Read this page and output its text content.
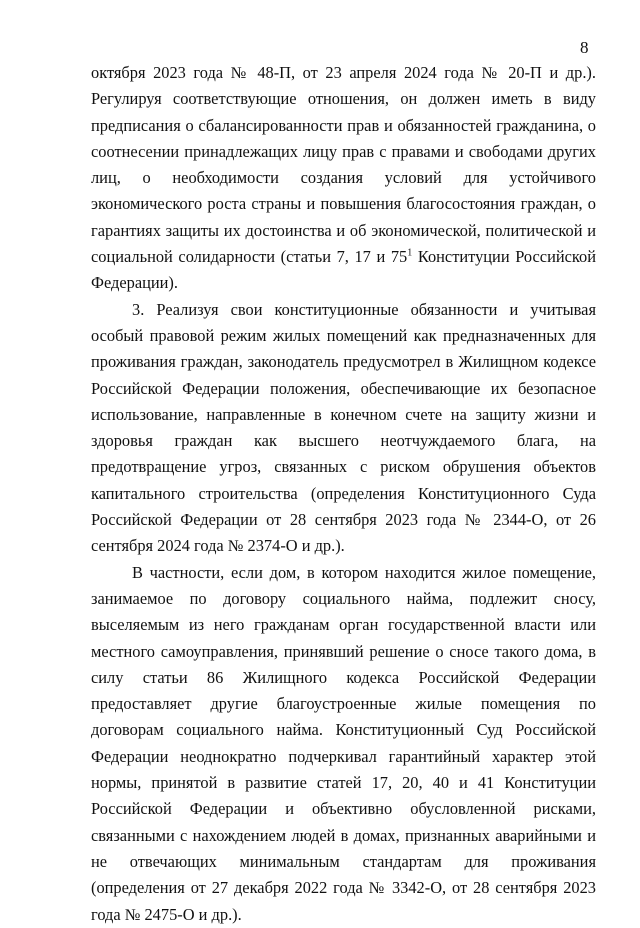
8

октября 2023 года № 48-П, от 23 апреля 2024 года № 20-П и др.). Регулируя соответствующие отношения, он должен иметь в виду предписания о сбалансированности прав и обязанностей гражданина, о соотнесении принадлежащих лицу прав с правами и свободами других лиц, о необходимости создания условий для устойчивого экономического роста страны и повышения благосостояния граждан, о гарантиях защиты их достоинства и об экономической, политической и социальной солидарности (статьи 7, 17 и $75^1$ Конституции Российской Федерации).

3. Реализуя свои конституционные обязанности и учитывая особый правовой режим жилых помещений как предназначенных для проживания граждан, законодатель предусмотрел в Жилищном кодексе Российской Федерации положения, обеспечивающие их безопасное использование, направленные в конечном счете на защиту жизни и здоровья граждан как высшего неотчуждаемого блага, на предотвращение угроз, связанных с риском обрушения объектов капитального строительства (определения Конституционного Суда Российской Федерации от 28 сентября 2023 года № 2344-О, от 26 сентября 2024 года № 2374-О и др.).

В частности, если дом, в котором находится жилое помещение, занимаемое по договору социального найма, подлежит сносу, выселяемым из него гражданам орган государственной власти или местного самоуправления, принявший решение о сносе такого дома, в силу статьи 86 Жилищного кодекса Российской Федерации предоставляет другие благоустроенные жилые помещения по договорам социального найма. Конституционный Суд Российской Федерации неоднократно подчеркивал гарантийный характер этой нормы, принятой в развитие статей 17, 20, 40 и 41 Конституции Российской Федерации и объективно обусловленной рисками, связанными с нахождением людей в домах, признанных аварийными и не отвечающих минимальным стандартам для проживания (определения от 27 декабря 2022 года № 3342-О, от 28 сентября 2023 года № 2475-О и др.).
